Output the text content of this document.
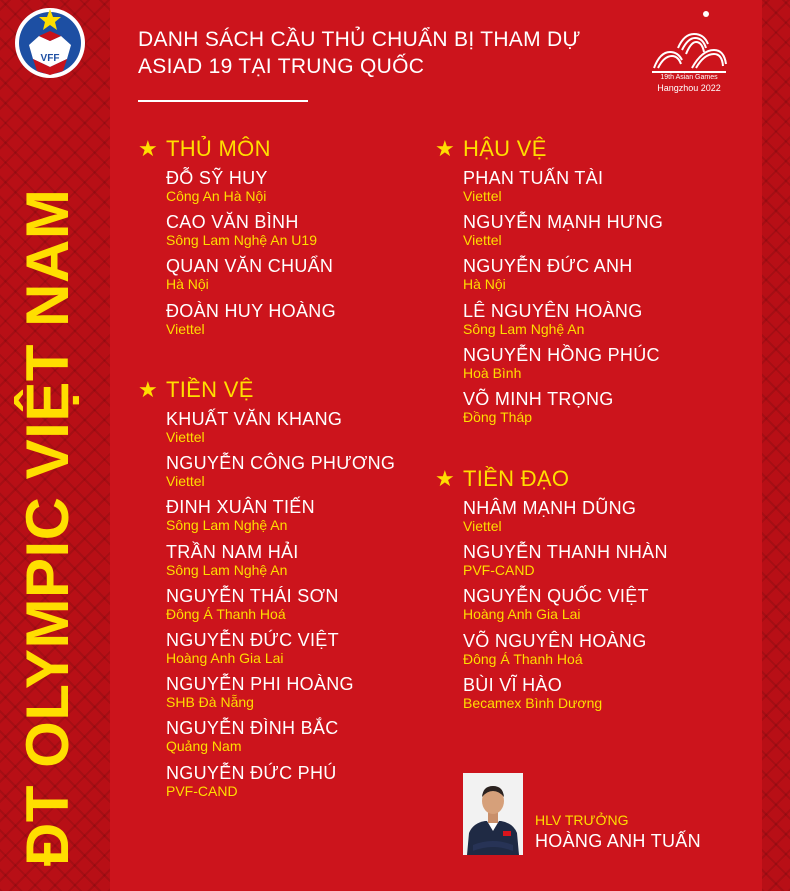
VFF
ĐT OLYMPIC VIỆT NAM
DANH SÁCH CẦU THỦ CHUẨN BỊ THAM DỰ
ASIAD 19 TẠI TRUNG QUỐC	19th Asian Games
Hangzhou 2022
★ THỦ MÔN
ĐỖ SỸ HUY
Công An Hà Nội
CAO VĂN BÌNH
Sông Lam Nghệ An U19
QUAN VĂN CHUẨN
Hà Nội
ĐOÀN HUY HOÀNG
Viettel
★ TIỀN VỆ
KHUẤT VĂN KHANG
Viettel
NGUYỄN CÔNG PHƯƠNG
Viettel
ĐINH XUÂN TIẾN
Sông Lam Nghệ An
TRẦN NAM HẢI
Sông Lam Nghệ An
NGUYỄN THÁI SƠN
Đông Á Thanh Hoá
NGUYỄN ĐỨC VIỆT
Hoàng Anh Gia Lai
NGUYỄN PHI HOÀNG
SHB Đà Nẵng
NGUYỄN ĐÌNH BẮC
Quảng Nam
NGUYỄN ĐỨC PHÚ
PVF-CAND
★ HẬU VỆ
PHAN TUẤN TÀI
Viettel
NGUYỄN MẠNH HƯNG
Viettel
NGUYỄN ĐỨC ANH
Hà Nội
LÊ NGUYÊN HOÀNG
Sông Lam Nghệ An
NGUYỄN HỒNG PHÚC
Hoà Bình
VÕ MINH TRỌNG
Đồng Tháp
★ TIỀN ĐẠO
NHÂM MẠNH DŨNG
Viettel
NGUYỄN THANH NHÀN
PVF-CAND
NGUYỄN QUỐC VIỆT
Hoàng Anh Gia Lai
VÕ NGUYÊN HOÀNG
Đông Á Thanh Hoá
BÙI VĨ HÀO
Becamex Bình Dương
HLV TRƯỞNG
HOÀNG ANH TUẤN
